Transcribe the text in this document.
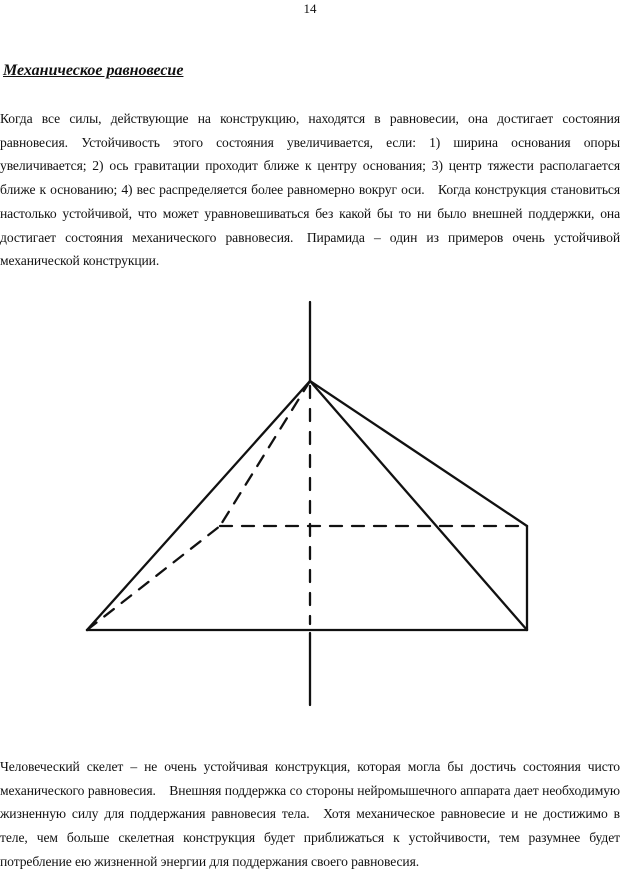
14
Механическое равновесие

Когда все силы, действующие на конструкцию, находятся в равновесии, она достигает состояния равновесия. Устойчивость этого состояния увеличивается, если: 1) ширина основания опоры увеличивается; 2) ось гравитации проходит ближе к центру основания; 3) центр тяжести располагается ближе к основанию; 4) вес распределяется более равномерно вокруг оси. Когда конструкция становиться настолько устойчивой, что может уравновешиваться без какой бы то ни было внешней поддержки, она достигает состояния механического равновесия. Пирамида – один из примеров очень устойчивой механической конструкции.

Человеческий скелет – не очень устойчивая конструкция, которая могла бы достичь состояния чисто механического равновесия. Внешняя поддержка со стороны нейромышечного аппарата дает необходимую жизненную силу для поддержания равновесия тела. Хотя механическое равновесие и не достижимо в теле, чем больше скелетная конструкция будет приближаться к устойчивости, тем разумнее будет потребление ею жизненной энергии для поддержания своего равновесия.
